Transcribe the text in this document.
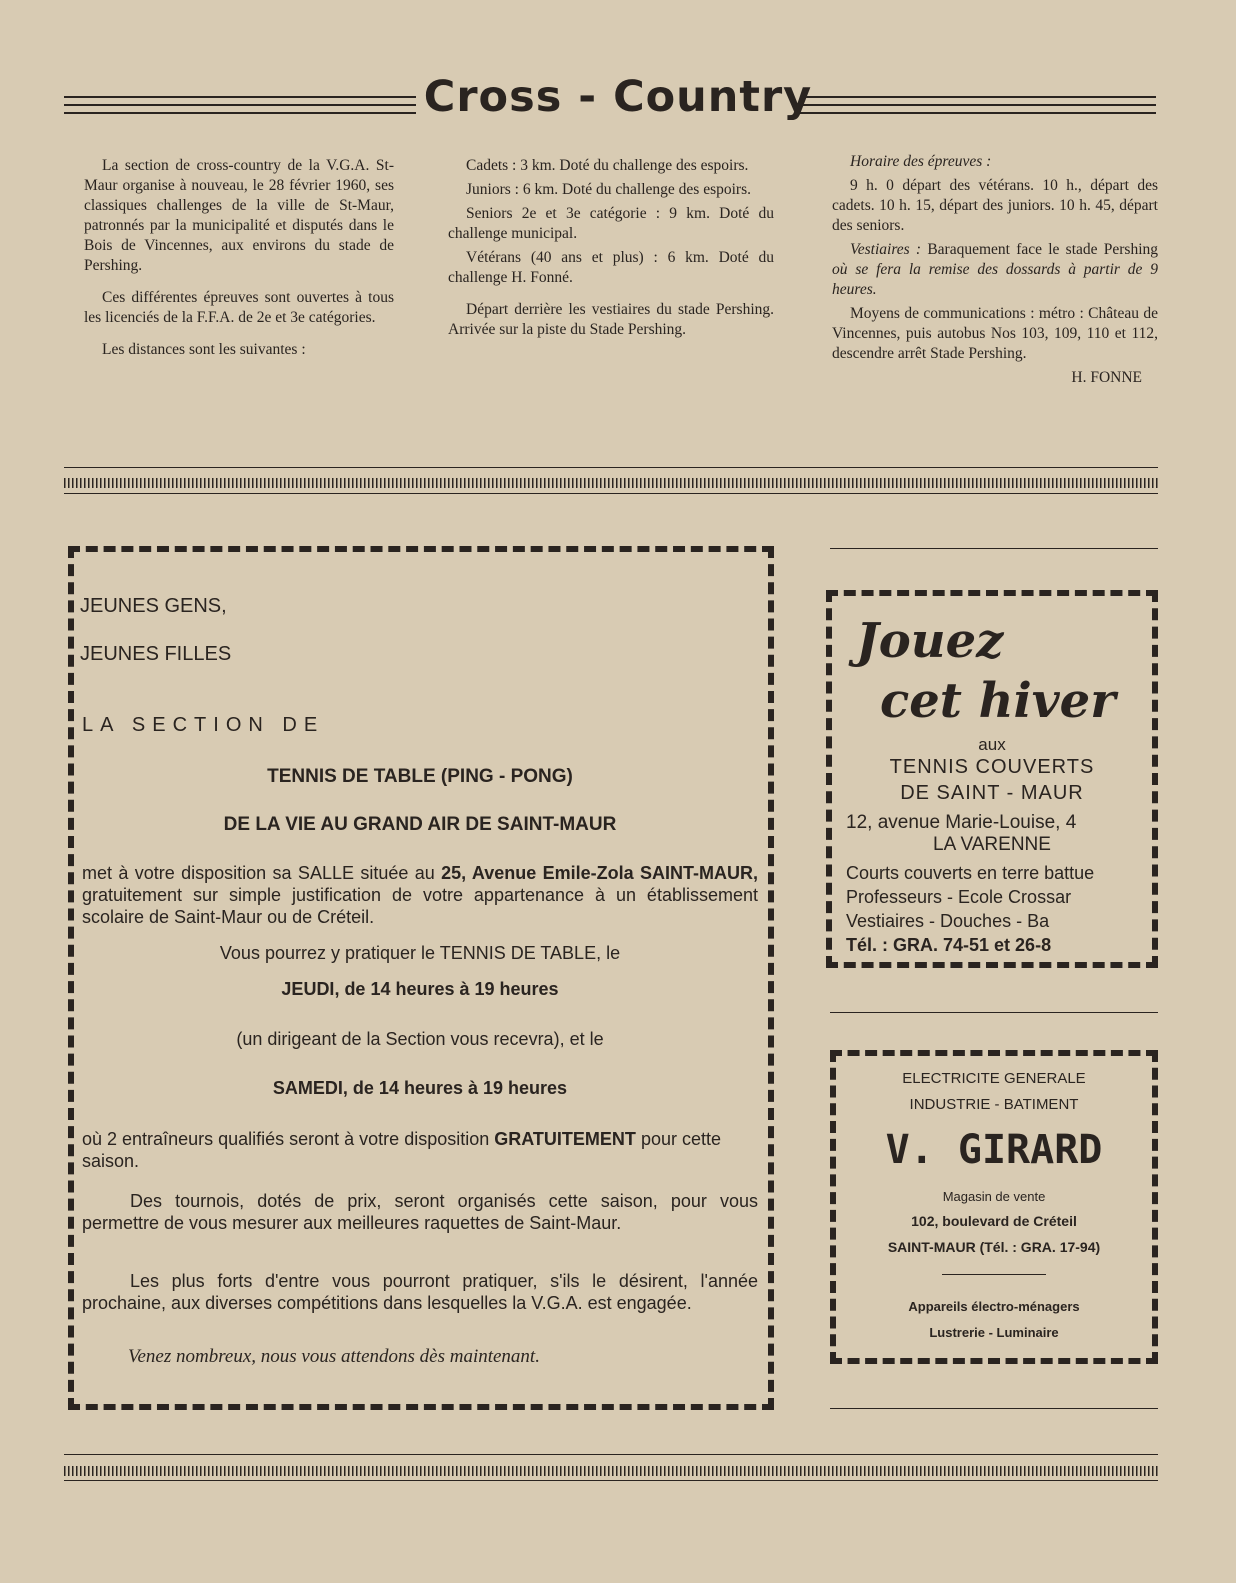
Cross - Country

La section de cross-country de la V.G.A. St-Maur organise à nouveau, le 28 février 1960, ses classiques challenges de la ville de St-Maur, patronnés par la municipalité et disputés dans le Bois de Vincennes, aux environs du stade de Pershing.

Ces différentes épreuves sont ouvertes à tous les licenciés de la F.F.A. de 2e et 3e catégories.

Les distances sont les suivantes :

Cadets : 3 km. Doté du challenge des espoirs.

Juniors : 6 km. Doté du challenge des espoirs.

Seniors 2e et 3e catégorie : 9 km. Doté du challenge municipal.

Vétérans (40 ans et plus) : 6 km. Doté du challenge H. Fonné.

Départ derrière les vestiaires du stade Pershing. Arrivée sur la piste du Stade Pershing.

Horaire des épreuves :

9 h. 0 départ des vétérans. 10 h., départ des cadets. 10 h. 15, départ des juniors. 10 h. 45, départ des seniors.

Vestiaires : Baraquement face le stade Pershing où se fera la remise des dossards à partir de 9 heures.

Moyens de communications : métro : Château de Vincennes, puis autobus Nos 103, 109, 110 et 112, descendre arrêt Stade Pershing.

H. FONNE

JEUNES GENS,
JEUNES FILLES
LA SECTION DE
TENNIS DE TABLE (PING - PONG)
DE LA VIE AU GRAND AIR DE SAINT-MAUR
met à votre disposition sa SALLE située au 25, Avenue Emile-Zola SAINT-MAUR, gratuitement sur simple justification de votre appartenance à un établissement scolaire de Saint-Maur ou de Créteil.
Vous pourrez y pratiquer le TENNIS DE TABLE, le
JEUDI, de 14 heures à 19 heures
(un dirigeant de la Section vous recevra), et le
SAMEDI, de 14 heures à 19 heures
où 2 entraîneurs qualifiés seront à votre disposition GRATUITEMENT pour cette saison.
Des tournois, dotés de prix, seront organisés cette saison, pour vous permettre de vous mesurer aux meilleures raquettes de Saint-Maur.
Les plus forts d'entre vous pourront pratiquer, s'ils le désirent, l'année prochaine, aux diverses compétitions dans lesquelles la V.G.A. est engagée.
Venez nombreux, nous vous attendons dès maintenant.
Jouez
cet hiver
aux
TENNIS COUVERTS
DE SAINT - MAUR
12, avenue Marie-Louise, 4
LA VARENNE
Courts couverts en terre battue
Professeurs - Ecole Crossar
Vestiaires - Douches - Ba
Tél. : GRA. 74-51 et 26-8
ELECTRICITE GENERALE
INDUSTRIE - BATIMENT
V. GIRARD
Magasin de vente
102, boulevard de Créteil
SAINT-MAUR (Tél. : GRA. 17-94)
Appareils électro-ménagers
Lustrerie - Luminaire
